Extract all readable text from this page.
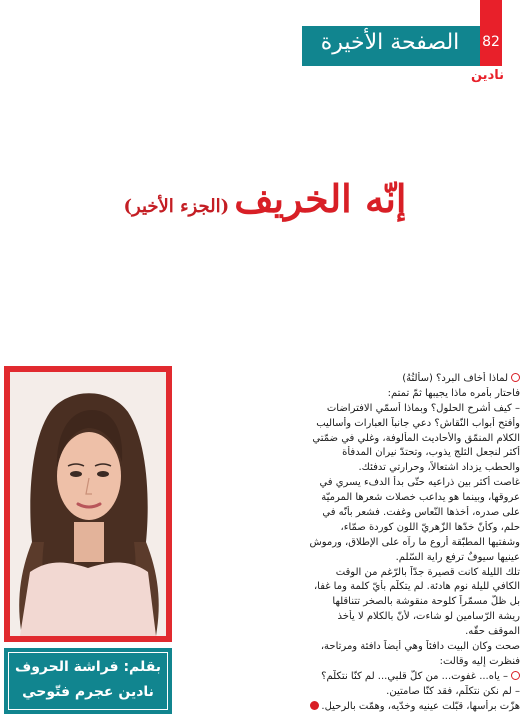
82
الصفحة الأخيرة
نادين
إنّه الخريف (الجزء الأخير)
بقلم: فراشة الحروف
نادين عجرم فتّوحي
لماذا أخاف البرد؟ (سألتُهُ)
فاحتار بأمره ماذا يجيبها ثمّ تمتم:
– كيف أشرح الحلول؟ وبماذا أسمّي الافتراضات
وأفتح أبواب النّقاش؟ دعي جانباً العبارات وأساليب
الكلام المنمّق والأحاديث المألوفة، وغلي في ضمّتي
أكثر لنجعل الثلج يذوب، وتحتدّ نيران المدفأة
والحطب يزداد اشتعالاً، وحرارتي تدفئك.
غاصت أكثر بين ذراعيه حتّى بدأ الدفء يسري في
عروقها، وبينما هو يداعب خصلات شعرها المرميّة
على صدره، أخذها النّعاس وغفت. فشعر بأنّه في
حلم، وكأنّ خدّها الزّهريّ اللون كوردة صمّاء،
وشفتيها المطبّقة أروع ما رآه على الإطلاق، ورموش
عينيها سيوفٌ ترفع راية السّلم.
تلك الليلة كانت قصيرة جدّاً بالرّغم من الوقت
الكافي لليلة نوم هادئة. لم يتكلّم بأيّ كلمة وما غفا،
بل ظلّ مسمّراً كلوحة منقوشة بالصخر تتناقلها
ريشة الرّسامين لو شاءت، لأنّ بالكلام لا يأخذ
الموقف حقّه.
صحت وكان البيت دافئاً وهي أيضاً دافئة ومرتاحة،
فنظرت إليه وقالت:
– ياه... غفوت... من كلّ قلبي... لم كنّا نتكلّم؟
– لم نكن نتكلّم، فقد كنّا صامتين.
هزّت برأسها، قبّلت عينيه وخدّيه، وهمّت بالرحيل.
